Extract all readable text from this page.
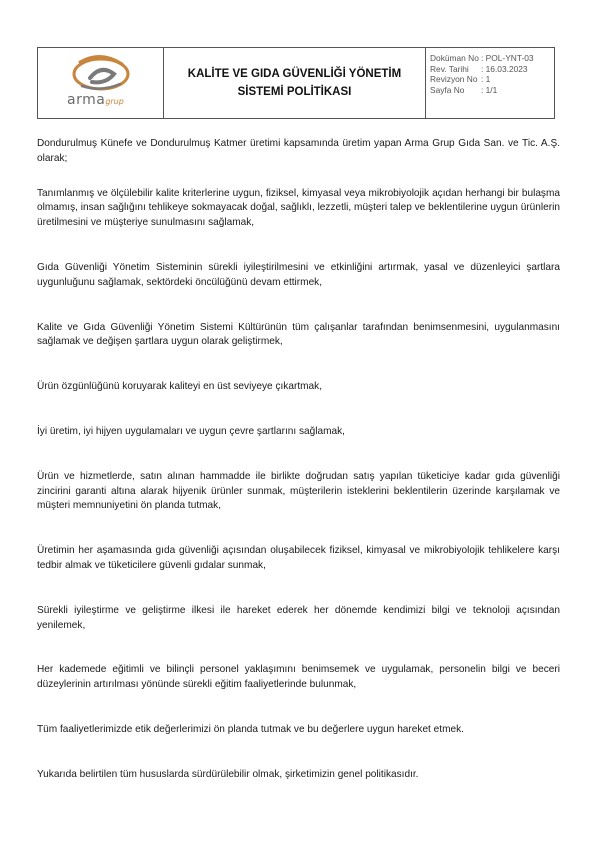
armagrup
KALİTE VE GIDA GÜVENLİĞİ YÖNETİM
SİSTEMİ POLİTİKASI
Doküman No : POL-YNT-03
Rev. Tarihi	: 16.03.2023
Revizyon No : 1
Sayfa No	: 1/1

Dondurulmuş Künefe ve Dondurulmuş Katmer üretimi kapsamında üretim yapan Arma Grup Gıda San. ve Tic. A.Ş. olarak;

Tanımlanmış ve ölçülebilir kalite kriterlerine uygun, fiziksel, kimyasal veya mikrobiyolojik açıdan herhangi bir bulaşma olmamış, insan sağlığını tehlikeye sokmayacak doğal, sağlıklı, lezzetli, müşteri talep ve beklentilerine uygun ürünlerin üretilmesini ve müşteriye sunulmasını sağlamak,

Gıda Güvenliği Yönetim Sisteminin sürekli iyileştirilmesini ve etkinliğini artırmak, yasal ve düzenleyici şartlara uygunluğunu sağlamak, sektördeki öncülüğünü devam ettirmek,

Kalite ve Gıda Güvenliği Yönetim Sistemi Kültürünün tüm çalışanlar tarafından benimsenmesini, uygulanmasını sağlamak ve değişen şartlara uygun olarak geliştirmek,

Ürün özgünlüğünü koruyarak kaliteyi en üst seviyeye çıkartmak,

İyi üretim, iyi hijyen uygulamaları ve uygun çevre şartlarını sağlamak,

Ürün ve hizmetlerde, satın alınan hammadde ile birlikte doğrudan satış yapılan tüketiciye kadar gıda güvenliği zincirini garanti altına alarak hijyenik ürünler sunmak, müşterilerin isteklerini beklentilerin üzerinde karşılamak ve müşteri memnuniyetini ön planda tutmak,

Üretimin her aşamasında gıda güvenliği açısından oluşabilecek fiziksel, kimyasal ve mikrobiyolojik tehlikelere karşı tedbir almak ve tüketicilere güvenli gıdalar sunmak,

Sürekli iyileştirme ve geliştirme ilkesi ile hareket ederek her dönemde kendimizi bilgi ve teknoloji açısından yenilemek,

Her kademede eğitimli ve bilinçli personel yaklaşımını benimsemek ve uygulamak, personelin bilgi ve beceri düzeylerinin artırılması yönünde sürekli eğitim faaliyetlerinde bulunmak,

Tüm faaliyetlerimizde etik değerlerimizi ön planda tutmak ve bu değerlere uygun hareket etmek.

Yukarıda belirtilen tüm hususlarda sürdürülebilir olmak, şirketimizin genel politikasıdır.
